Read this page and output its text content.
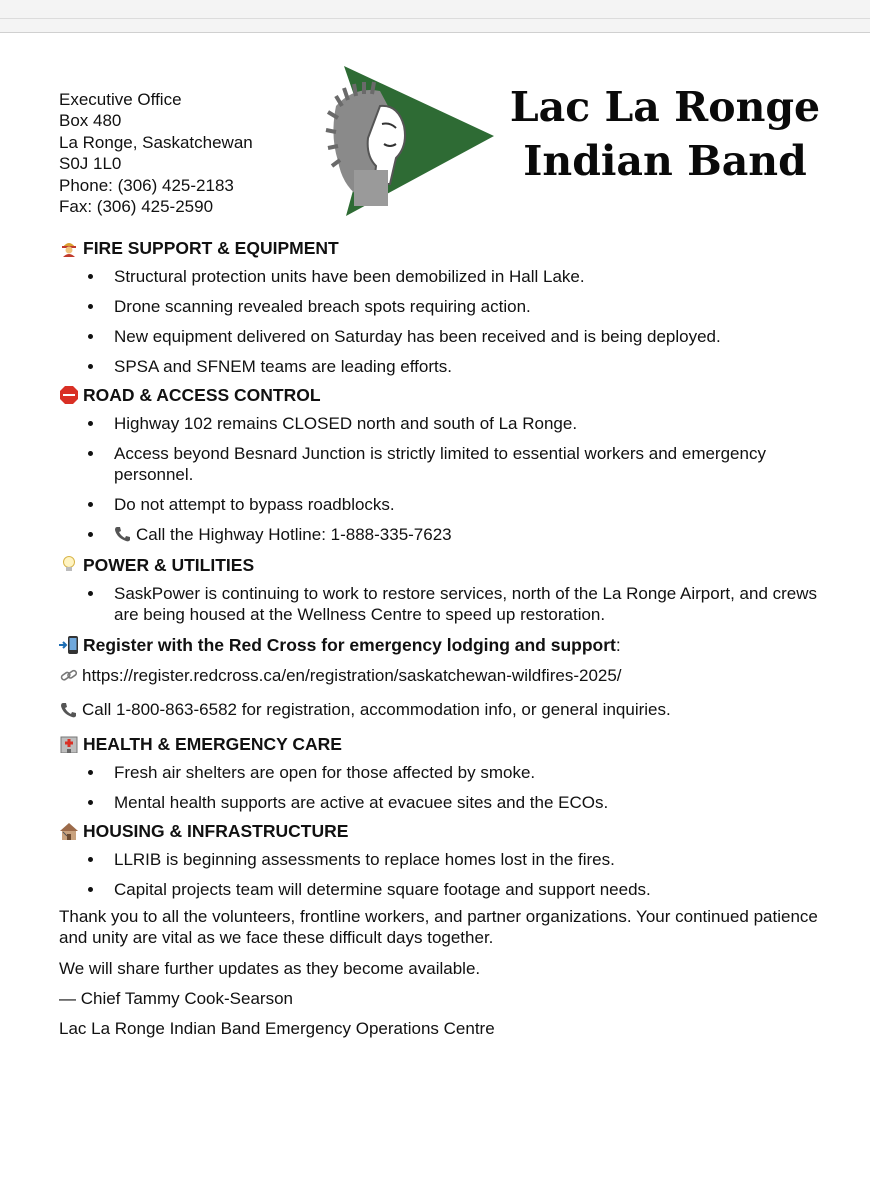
Executive Office
Box 480
La Ronge, Saskatchewan
S0J 1L0
Phone: (306) 425-2183
Fax: (306) 425-2590
Lac La Ronge
Indian Band
FIRE SUPPORT & EQUIPMENT
Structural protection units have been demobilized in Hall Lake.
Drone scanning revealed breach spots requiring action.
New equipment delivered on Saturday has been received and is being deployed.
SPSA and SFNEM teams are leading efforts.
ROAD & ACCESS CONTROL
Highway 102 remains CLOSED north and south of La Ronge.
Access beyond Besnard Junction is strictly limited to essential workers and emergency personnel.
Do not attempt to bypass roadblocks.
Call the Highway Hotline: 1-888-335-7623
POWER & UTILITIES
SaskPower is continuing to work to restore services, north of the La Ronge Airport, and crews are being housed at the Wellness Centre to speed up restoration.
Register with the Red Cross for emergency lodging and support :
https://register.redcross.ca/en/registration/saskatchewan-wildfires-2025/
Call 1-800-863-6582 for registration, accommodation info, or general inquiries.
HEALTH & EMERGENCY CARE
Fresh air shelters are open for those affected by smoke.
Mental health supports are active at evacuee sites and the ECOs.
HOUSING & INFRASTRUCTURE
LLRIB is beginning assessments to replace homes lost in the fires.
Capital projects team will determine square footage and support needs.

Thank you to all the volunteers, frontline workers, and partner organizations. Your continued patience and unity are vital as we face these difficult days together.

We will share further updates as they become available.

— Chief Tammy Cook-Searson

Lac La Ronge Indian Band Emergency Operations Centre
